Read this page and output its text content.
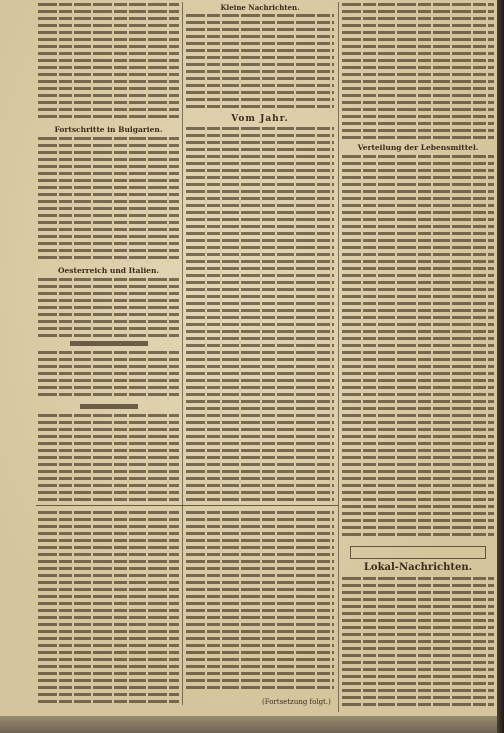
Fortschritte in Bulgarien.
Oesterreich und Italien.
Kleine Nachrichten.
Vom Jahr.
(Fortsetzung folgt.)
Verteilung der Lebensmittel.
Lokal-Nachrichten.
